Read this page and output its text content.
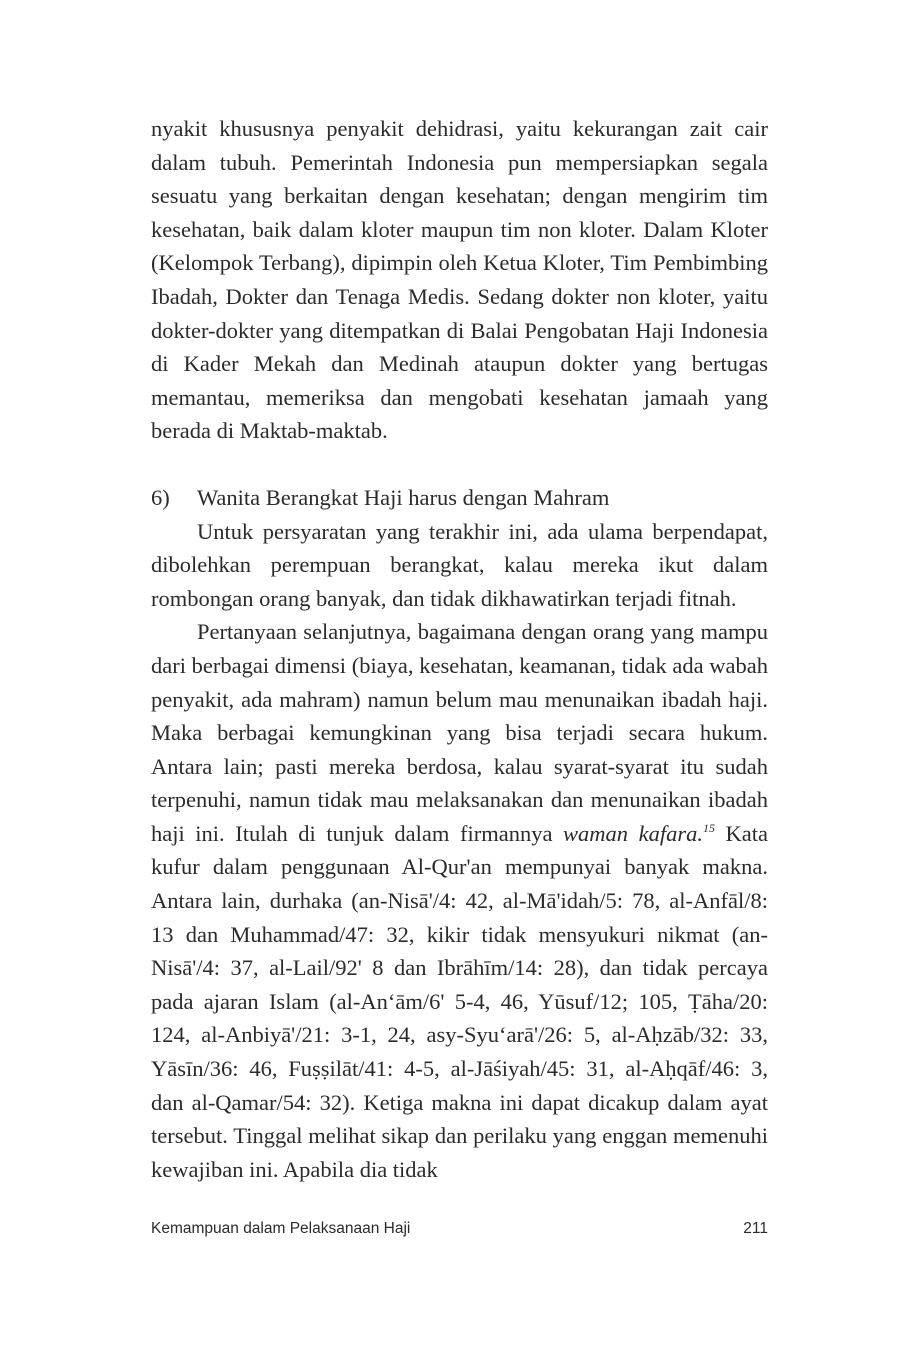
nyakit khususnya penyakit dehidrasi, yaitu kekurangan zait cair dalam tubuh. Pemerintah Indonesia pun mempersiapkan segala sesuatu yang berkaitan dengan kesehatan; dengan mengirim tim kesehatan, baik dalam kloter maupun tim non kloter. Dalam Kloter (Kelompok Terbang), dipimpin oleh Ketua Kloter, Tim Pembimbing Ibadah, Dokter dan Tenaga Medis. Sedang dokter non kloter, yaitu dokter-dokter yang ditempatkan di Balai Pengobatan Haji Indonesia di Kader Mekah dan Medinah ataupun dokter yang bertugas memantau, memeriksa dan mengobati kesehatan jamaah yang berada di Maktab-maktab.

6) Wanita Berangkat Haji harus dengan Mahram

Untuk persyaratan yang terakhir ini, ada ulama berpendapat, dibolehkan perempuan berangkat, kalau mereka ikut dalam rombongan orang banyak, dan tidak dikhawatirkan terjadi fitnah.

Pertanyaan selanjutnya, bagaimana dengan orang yang mampu dari berbagai dimensi (biaya, kesehatan, keamanan, tidak ada wabah penyakit, ada mahram) namun belum mau menunaikan ibadah haji. Maka berbagai kemungkinan yang bisa terjadi secara hukum. Antara lain; pasti mereka berdosa, kalau syarat-syarat itu sudah terpenuhi, namun tidak mau melaksanakan dan menunaikan ibadah haji ini. Itulah di tunjuk dalam firmannya waman kafara.$^{15}$ Kata kufur dalam penggunaan Al-Qur'an mempunyai banyak makna. Antara lain, durhaka (an-Nisā'/4: 42, al-Mā'idah/5: 78, al-Anfāl/8: 13 dan Muhammad/47: 32, kikir tidak mensyukuri nikmat (an-Nisā'/4: 37, al-Lail/92' 8 dan Ibrāhīm/14: 28), dan tidak percaya pada ajaran Islam (al-An‘ām/6' 5-4, 46, Yūsuf/12; 105, Ṭāha/20: 124, al-Anbiyā'/21: 3-1, 24, asy-Syu‘arā'/26: 5, al-Aḥzāb/32: 33, Yāsīn/36: 46, Fuṣṣilāt/41: 4-5, al-Jāśiyah/45: 31, al-Aḥqāf/46: 3, dan al-Qamar/54: 32). Ketiga makna ini dapat dicakup dalam ayat tersebut. Tinggal melihat sikap dan perilaku yang enggan memenuhi kewajiban ini. Apabila dia tidak

Kemampuan dalam Pelaksanaan Haji	211
